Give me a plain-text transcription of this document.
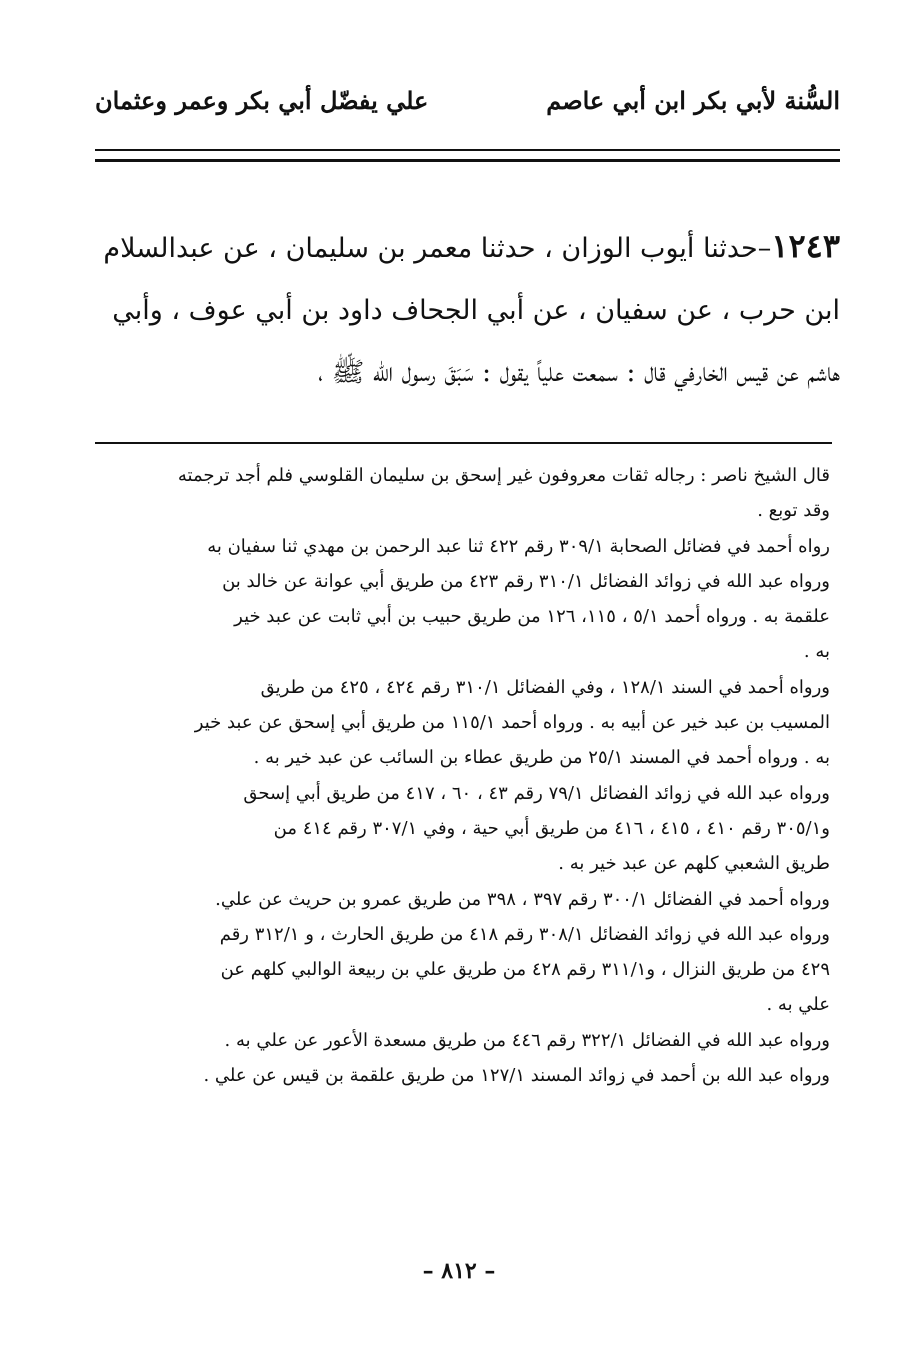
السُّنة لأبي بكر ابن أبي عاصم
علي يفضّل أبي بكر وعمر وعثمان

١٢٤٣–حدثنا أيوب الوزان ، حدثنا معمر بن سليمان ، عن عبدالسلام

ابن حرب ، عن سفيان ، عن أبي الجحاف داود بن أبي عوف ، وأبي

هاشم عن قيس الخارفي قال : سمعت علياً يقول : سَبَقَ رسول الله ﷺ ،

قال الشيخ ناصر : رجاله ثقات معروفون غير إسحق بن سليمان القلوسي فلم أجد ترجمته

وقد توبع .

رواه أحمد في فضائل الصحابة ٣٠٩/١ رقم ٤٢٢ ثنا عبد الرحمن بن مهدي ثنا سفيان به

ورواه عبد الله في زوائد الفضائل ٣١٠/١ رقم ٤٢٣ من طريق أبي عوانة عن خالد بن

علقمة به . ورواه أحمد ٥/١ ، ١١٥، ١٢٦ من طريق حبيب بن أبي ثابت عن عبد خير

به .

ورواه أحمد في السند ١٢٨/١ ، وفي الفضائل ٣١٠/١ رقم ٤٢٤ ، ٤٢٥ من طريق

المسيب بن عبد خير عن أبيه به . ورواه أحمد ١١٥/١ من طريق أبي إسحق عن عبد خير

به . ورواه أحمد في المسند ٢٥/١ من طريق عطاء بن السائب عن عبد خير به .

ورواه عبد الله في زوائد الفضائل ٧٩/١ رقم ٤٣ ، ٦٠ ، ٤١٧ من طريق أبي إسحق

و٣٠٥/١ رقم ٤١٠ ، ٤١٥ ، ٤١٦ من طريق أبي حية ، وفي ٣٠٧/١ رقم ٤١٤ من

طريق الشعبي كلهم عن عبد خير به .

ورواه أحمد في الفضائل ٣٠٠/١ رقم ٣٩٧ ، ٣٩٨ من طريق عمرو بن حريث عن علي.

ورواه عبد الله في زوائد الفضائل ٣٠٨/١ رقم ٤١٨ من طريق الحارث ، و ٣١٢/١ رقم

٤٢٩ من طريق النزال ، و٣١١/١ رقم ٤٢٨ من طريق علي بن ربيعة الوالبي كلهم عن

علي به .

ورواه عبد الله في الفضائل ٣٢٢/١ رقم ٤٤٦ من طريق مسعدة الأعور عن علي به .

ورواه عبد الله بن أحمد في زوائد المسند ١٢٧/١ من طريق علقمة بن قيس عن علي .

– ٨١٢ –
